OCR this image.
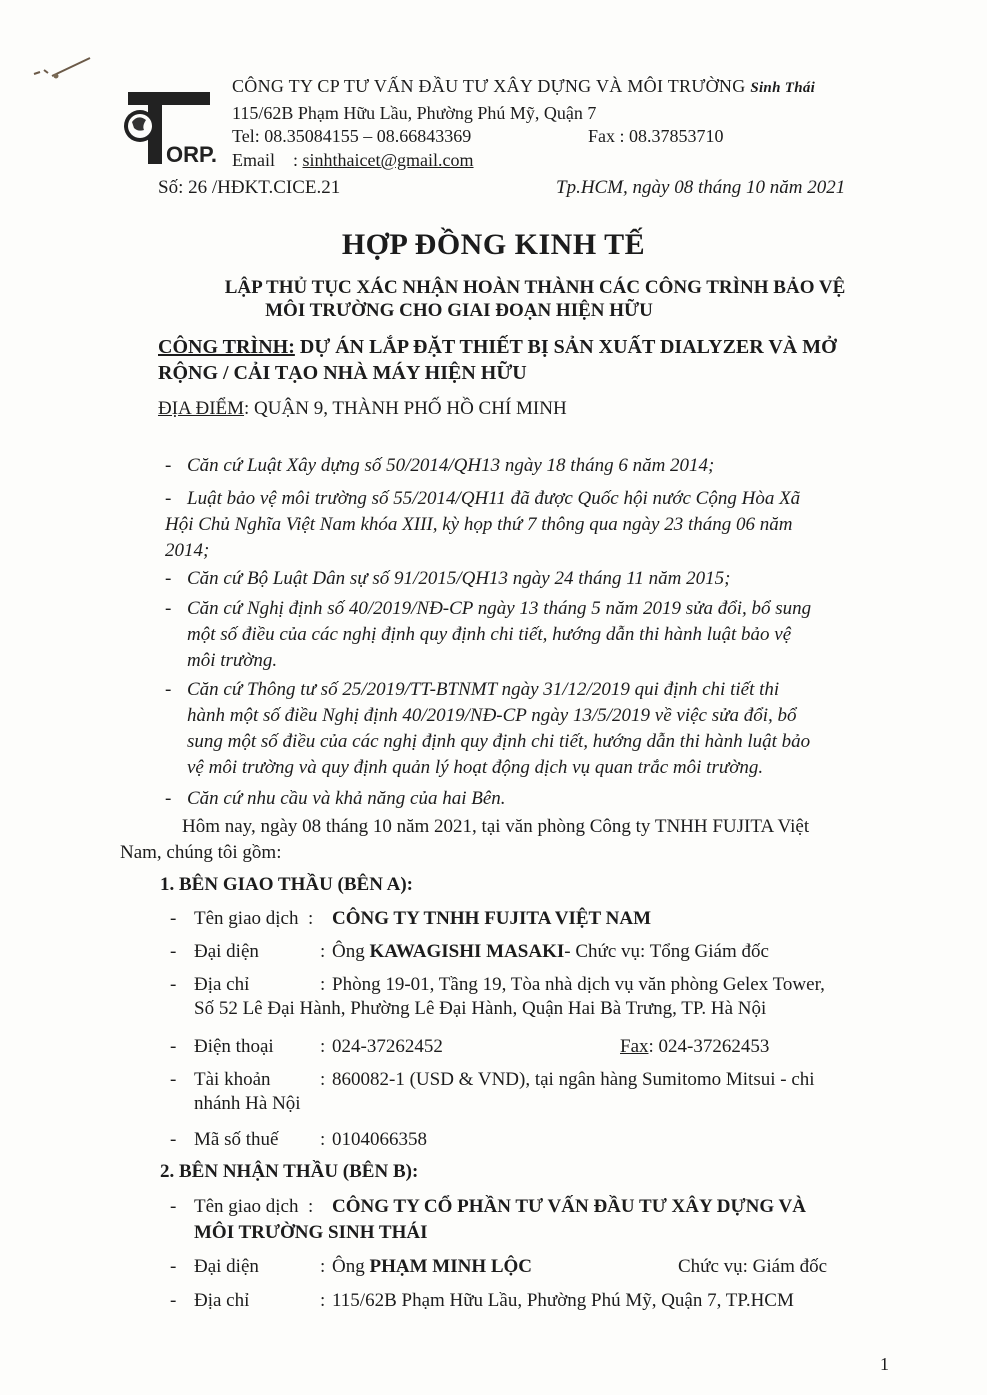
ORP.
CÔNG TY CP TƯ VẤN ĐẦU TƯ XÂY DỰNG VÀ MÔI TRƯỜNG Sinh Thái
115/62B Phạm Hữu Lầu, Phường Phú Mỹ, Quận 7
Tel: 08.35084155 – 08.66843369	Fax : 08.37853710
Email    : sinhthaicet@gmail.com
Số: 26 /HĐKT.CICE.21	Tp.HCM, ngày 08 tháng 10 năm 2021
HỢP ĐỒNG KINH TẾ
LẬP THỦ TỤC XÁC NHẬN HOÀN THÀNH CÁC CÔNG TRÌNH BẢO VỆ
MÔI TRƯỜNG CHO GIAI ĐOẠN HIỆN HỮU
CÔNG TRÌNH: DỰ ÁN LẮP ĐẶT THIẾT BỊ SẢN XUẤT DIALYZER VÀ MỞ
RỘNG / CẢI TẠO NHÀ MÁY HIỆN HỮU
ĐỊA ĐIỂM: QUẬN 9, THÀNH PHỐ HỒ CHÍ MINH
- Căn cứ Luật Xây dựng số 50/2014/QH13 ngày 18 tháng 6 năm 2014;
- Luật bảo vệ môi trường số 55/2014/QH11 đã được Quốc hội nước Cộng Hòa Xã
Hội Chủ Nghĩa Việt Nam khóa XIII, kỳ họp thứ 7 thông qua ngày 23 tháng 06 năm
2014;
- Căn cứ Bộ Luật Dân sự số 91/2015/QH13 ngày 24 tháng 11 năm 2015;
- Căn cứ Nghị định số 40/2019/NĐ-CP ngày 13 tháng 5 năm 2019 sửa đổi, bổ sung
một số điều của các nghị định quy định chi tiết, hướng dẫn thi hành luật bảo vệ
môi trường.
- Căn cứ Thông tư số 25/2019/TT-BTNMT ngày 31/12/2019 qui định chi tiết thi
hành một số điều Nghị định 40/2019/NĐ-CP ngày 13/5/2019 về việc sửa đổi, bổ
sung một số điều của các nghị định quy định chi tiết, hướng dẫn thi hành luật bảo
vệ môi trường và quy định quản lý hoạt động dịch vụ quan trắc môi trường.
- Căn cứ nhu cầu và khả năng của hai Bên.
Hôm nay, ngày 08 tháng 10 năm 2021, tại văn phòng Công ty TNHH FUJITA Việt
Nam, chúng tôi gồm:
1. BÊN GIAO THẦU (BÊN A):
- Tên giao dịch : CÔNG TY TNHH FUJITA VIỆT NAM
- Đại diện	: Ông KAWAGISHI MASAKI- Chức vụ: Tổng Giám đốc
- Địa chỉ	: Phòng 19-01, Tầng 19, Tòa nhà dịch vụ văn phòng Gelex Tower,
Số 52 Lê Đại Hành, Phường Lê Đại Hành, Quận Hai Bà Trưng, TP. Hà Nội
- Điện thoại : 024-37262452	Fax: 024-37262453
- Tài khoản	: 860082-1 (USD & VND), tại ngân hàng Sumitomo Mitsui - chi
nhánh Hà Nội
- Mã số thuế : 0104066358
2. BÊN NHẬN THẦU (BÊN B):
- Tên giao dịch : CÔNG TY CỔ PHẦN TƯ VẤN ĐẦU TƯ XÂY DỰNG VÀ
MÔI TRƯỜNG SINH THÁI
- Đại diện	: Ông PHẠM MINH LỘC	Chức vụ: Giám đốc
- Địa chỉ	: 115/62B Phạm Hữu Lầu, Phường Phú Mỹ, Quận 7, TP.HCM
1
